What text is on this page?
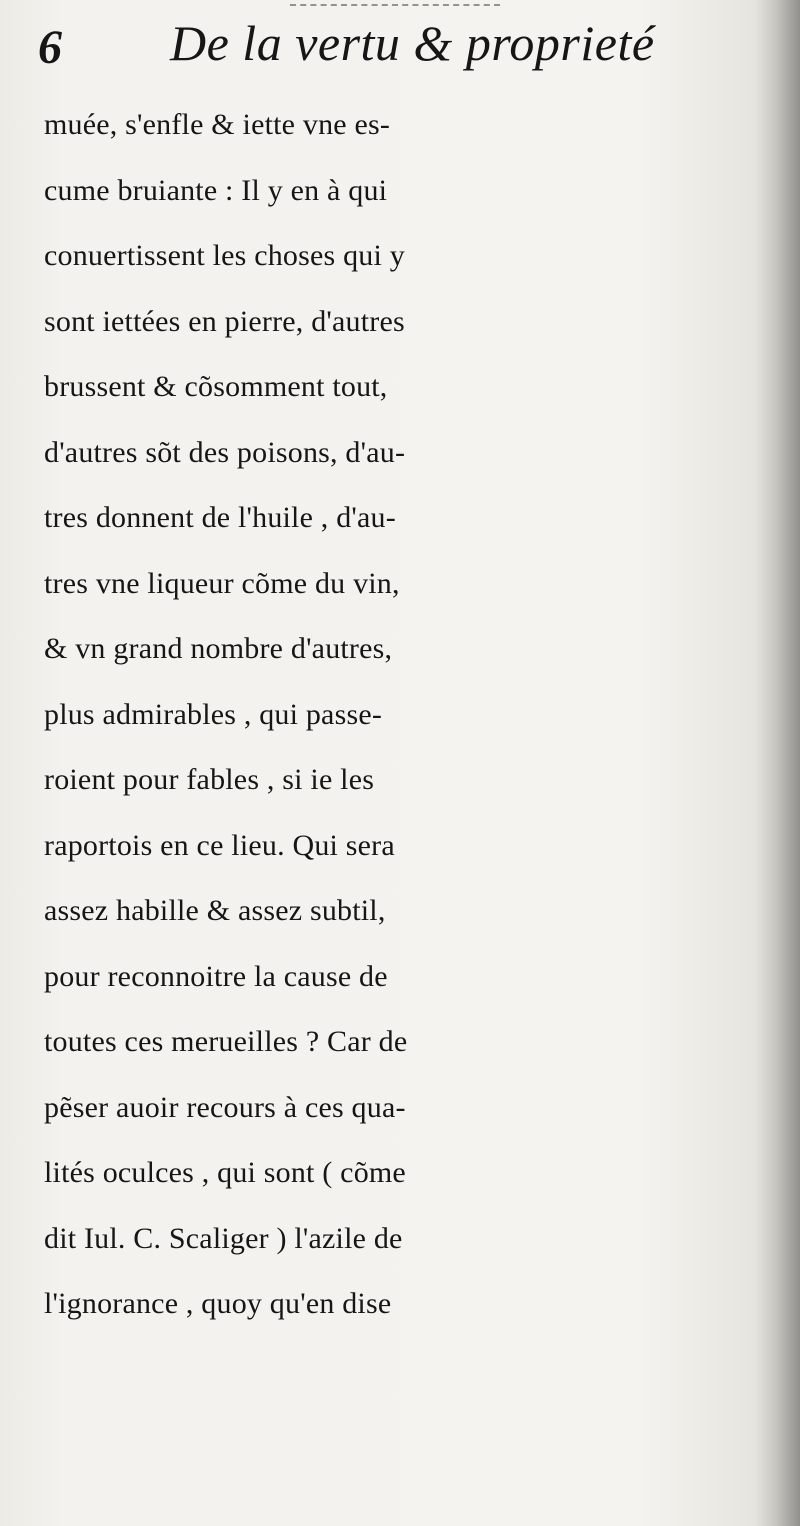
6 De la vertu & proprieté
muée, s'enfle & iette vne es-
cume bruiante : Il y en à qui
conuertissent les choses qui y
sont iettées en pierre, d'autres
brussent & cõsomment tout,
d'autres sõt des poisons, d'au-
tres donnent de l'huile , d'au-
tres vne liqueur cõme du vin,
& vn grand nombre d'autres,
plus admirables , qui passe-
roient pour fables , si ie les
raportois en ce lieu. Qui sera
assez habille & assez subtil,
pour reconnoitre la cause de
toutes ces merueilles ? Car de
pẽser auoir recours à ces qua-
lités oculces , qui sont ( cõme
dit Iul. C. Scaliger ) l'azile de
l'ignorance , quoy qu'en dise
